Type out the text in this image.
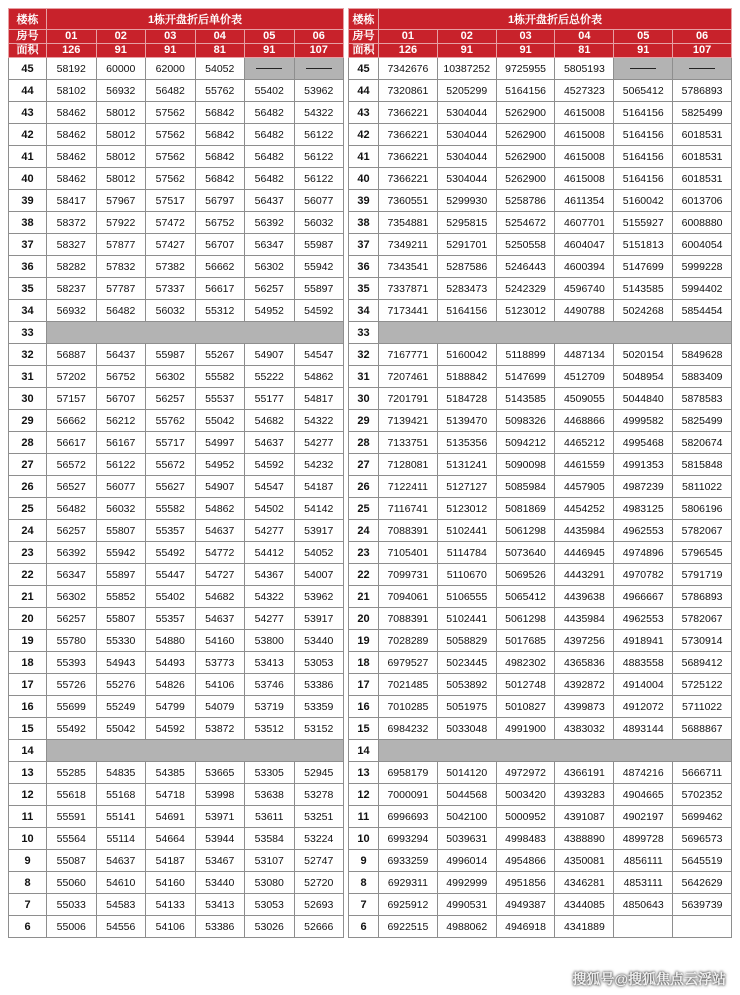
楼栋	1栋开盘折后单价表					
房号	01	02	03	04	05	06
面积	126	91	91	81	91	107
45	58192	60000	62000	54052		
44	58102	56932	56482	55762	55402	53962
43	58462	58012	57562	56842	56482	54322
42	58462	58012	57562	56842	56482	56122
41	58462	58012	57562	56842	56482	56122
40	58462	58012	57562	56842	56482	56122
39	58417	57967	57517	56797	56437	56077
38	58372	57922	57472	56752	56392	56032
37	58327	57877	57427	56707	56347	55987
36	58282	57832	57382	56662	56302	55942
35	58237	57787	57337	56617	56257	55897
34	56932	56482	56032	55312	54952	54592
33						
32	56887	56437	55987	55267	54907	54547
31	57202	56752	56302	55582	55222	54862
30	57157	56707	56257	55537	55177	54817
29	56662	56212	55762	55042	54682	54322
28	56617	56167	55717	54997	54637	54277
27	56572	56122	55672	54952	54592	54232
26	56527	56077	55627	54907	54547	54187
25	56482	56032	55582	54862	54502	54142
24	56257	55807	55357	54637	54277	53917
23	56392	55942	55492	54772	54412	54052
22	56347	55897	55447	54727	54367	54007
21	56302	55852	55402	54682	54322	53962
20	56257	55807	55357	54637	54277	53917
19	55780	55330	54880	54160	53800	53440
18	55393	54943	54493	53773	53413	53053
17	55726	55276	54826	54106	53746	53386
16	55699	55249	54799	54079	53719	53359
15	55492	55042	54592	53872	53512	53152
14						
13	55285	54835	54385	53665	53305	52945
12	55618	55168	54718	53998	53638	53278
11	55591	55141	54691	53971	53611	53251
10	55564	55114	54664	53944	53584	53224
9	55087	54637	54187	53467	53107	52747
8	55060	54610	54160	53440	53080	52720
7	55033	54583	54133	53413	53053	52693
6	55006	54556	54106	53386	53026	52666
楼栋	1栋开盘折后总价表					
房号	01	02	03	04	05	06
面积	126	91	91	81	91	107
45	7342676	10387252	9725955	5805193		
44	7320861	5205299	5164156	4527323	5065412	5786893
43	7366221	5304044	5262900	4615008	5164156	5825499
42	7366221	5304044	5262900	4615008	5164156	6018531
41	7366221	5304044	5262900	4615008	5164156	6018531
40	7366221	5304044	5262900	4615008	5164156	6018531
39	7360551	5299930	5258786	4611354	5160042	6013706
38	7354881	5295815	5254672	4607701	5155927	6008880
37	7349211	5291701	5250558	4604047	5151813	6004054
36	7343541	5287586	5246443	4600394	5147699	5999228
35	7337871	5283473	5242329	4596740	5143585	5994402
34	7173441	5164156	5123012	4490788	5024268	5854454
33						
32	7167771	5160042	5118899	4487134	5020154	5849628
31	7207461	5188842	5147699	4512709	5048954	5883409
30	7201791	5184728	5143585	4509055	5044840	5878583
29	7139421	5139470	5098326	4468866	4999582	5825499
28	7133751	5135356	5094212	4465212	4995468	5820674
27	7128081	5131241	5090098	4461559	4991353	5815848
26	7122411	5127127	5085984	4457905	4987239	5811022
25	7116741	5123012	5081869	4454252	4983125	5806196
24	7088391	5102441	5061298	4435984	4962553	5782067
23	7105401	5114784	5073640	4446945	4974896	5796545
22	7099731	5110670	5069526	4443291	4970782	5791719
21	7094061	5106555	5065412	4439638	4966667	5786893
20	7088391	5102441	5061298	4435984	4962553	5782067
19	7028289	5058829	5017685	4397256	4918941	5730914
18	6979527	5023445	4982302	4365836	4883558	5689412
17	7021485	5053892	5012748	4392872	4914004	5725122
16	7010285	5051975	5010827	4399873	4912072	5711022
15	6984232	5033048	4991900	4383032	4893144	5688867
14						
13	6958179	5014120	4972972	4366191	4874216	5666711
12	7000091	5044568	5003420	4393283	4904665	5702352
11	6996693	5042100	5000952	4391087	4902197	5699462
10	6993294	5039631	4998483	4388890	4899728	5696573
9	6933259	4996014	4954866	4350081	4856111	5645519
8	6929311	4992999	4951856	4346281	4853111	5642629
7	6925912	4990531	4949387	4344085	4850643	5639739
6	6922515	4988062	4946918	4341889		
搜狐号@搜狐焦点云浮站
